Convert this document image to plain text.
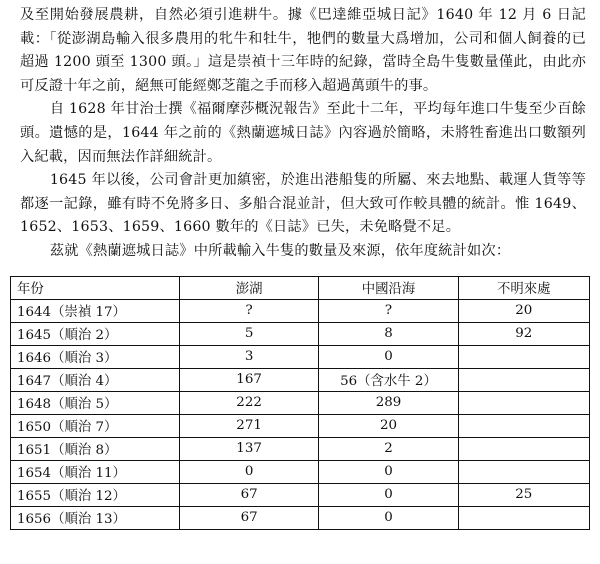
及至開始發展農耕，自然必須引進耕牛。據《巴達維亞城日記》1640 年 12 月 6 日記載：「從澎湖島輸入很多農用的牝牛和牡牛，牠們的數量大爲增加，公司和個人飼養的已超過 1200 頭至 1300 頭。」這是崇禎十三年時的紀錄，當時全島牛隻數量僅此，由此亦可反證十年之前，絕無可能經鄭芝龍之手而移入超過萬頭牛的事。

自 1628 年甘治士撰《福爾摩莎概況報告》至此十二年，平均每年進口牛隻至少百餘頭。遺憾的是，1644 年之前的《熱蘭遮城日誌》內容過於簡略，未將牲畜進出口數額列入紀載，因而無法作詳細統計。

1645 年以後，公司會計更加縝密，於進出港船隻的所屬、來去地點、載運人貨等等都逐一記錄，雖有時不免將多日、多船合混並計，但大致可作較具體的統計。惟 1649、1652、1653、1659、1660 數年的《日誌》已失，未免略覺不足。

茲就《熱蘭遮城日誌》中所載輸入牛隻的數量及來源，依年度統計如次：

年份	澎湖	中國沿海	不明來處
1644（崇禎 17）	?	?	20
1645（順治 2）	5	8	92
1646（順治 3）	3	0	
1647（順治 4）	167	56（含水牛 2）	
1648（順治 5）	222	289	
1650（順治 7）	271	20	
1651（順治 8）	137	2	
1654（順治 11）	0	0	
1655（順治 12）	67	0	25
1656（順治 13）	67	0	
